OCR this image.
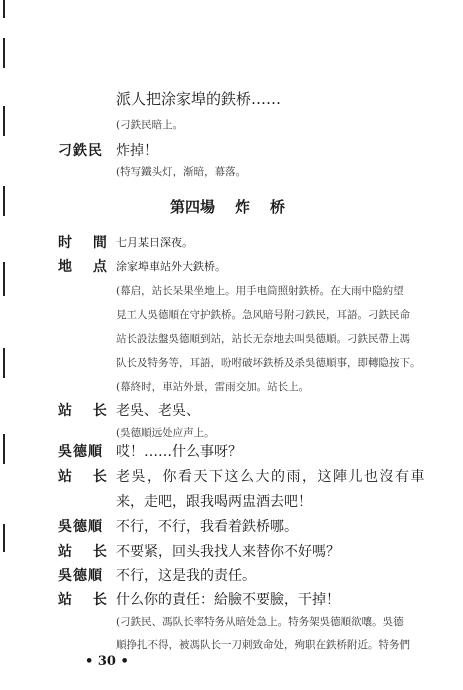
派人把涂家埠的鉄桥……
(刁鉄民暗上。
刁鉄民 炸掉！
(特写鐵头灯，渐暗，幕落。
第四場 炸 桥
时 間 七月某日深夜。
地 点 涂家埠車站外大鉄桥。
(幕启，站长呆果坐地上。用手电筒照射鉄桥。在大雨中隐約望
見工人吳德順在守护鉄桥。急风暗号附刁鉄民，耳語。刁鉄民命
站长設法盤吳德順到站，站长无奈地去叫吳德順。刁鉄民帶上馮
队长及特务等，耳語，吩咐破坏鉄桥及杀吳德順事，即轉隐按下。
(幕終时，車站外景，雷雨交加。站长上。
站 长 老吳、老吳、
(吳德順远处应声上。
吳德順 哎！……什么事呀？
站 长 老吳，你看天下这么大的雨，这陣儿也沒有車
来，走吧，跟我喝两盅酒去吧！
吳德順 不行，不行，我看着鉄桥哪。
站 长 不要紧，回头我找人来替你不好嗎？
吳德順 不行，这是我的责任。
站 长 什么你的責任：給臉不要臉，干掉！
(刁鉄民、馮队长率特务从暗处急上。特务架吳德順欲嚷。吳德
順挣扎不得，被馮队长一刀刺致命处，殉职在鉄桥附近。特务們
• 30 •
